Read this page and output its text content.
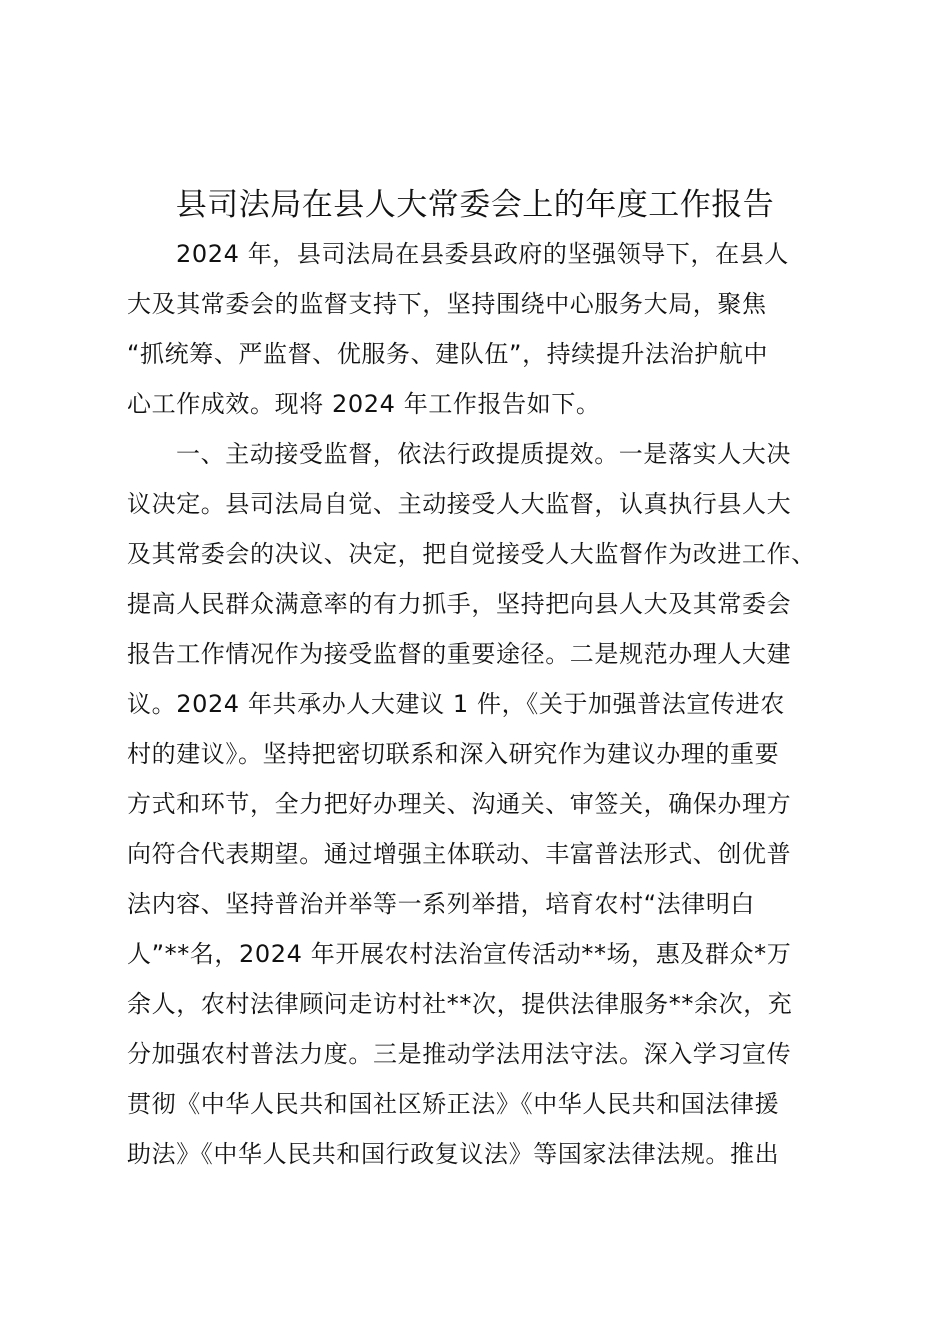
县司法局在县人大常委会上的年度工作报告
2024 年，县司法局在县委县政府的坚强领导下，在县人
大及其常委会的监督支持下，坚持围绕中心服务大局，聚焦
“抓统筹、严监督、优服务、建队伍”，持续提升法治护航中
心工作成效。现将 2024 年工作报告如下。
一、主动接受监督，依法行政提质提效。一是落实人大决
议决定。县司法局自觉、主动接受人大监督，认真执行县人大
及其常委会的决议、决定，把自觉接受人大监督作为改进工作、
提高人民群众满意率的有力抓手，坚持把向县人大及其常委会
报告工作情况作为接受监督的重要途径。二是规范办理人大建
议。2024 年共承办人大建议 1 件，《关于加强普法宣传进农
村的建议》。坚持把密切联系和深入研究作为建议办理的重要
方式和环节，全力把好办理关、沟通关、审签关，确保办理方
向符合代表期望。通过增强主体联动、丰富普法形式、创优普
法内容、坚持普治并举等一系列举措，培育农村“法律明白
人”**名，2024 年开展农村法治宣传活动**场，惠及群众*万
余人，农村法律顾问走访村社**次，提供法律服务**余次，充
分加强农村普法力度。三是推动学法用法守法。深入学习宣传
贯彻《中华人民共和国社区矫正法》《中华人民共和国法律援
助法》《中华人民共和国行政复议法》等国家法律法规。推出
